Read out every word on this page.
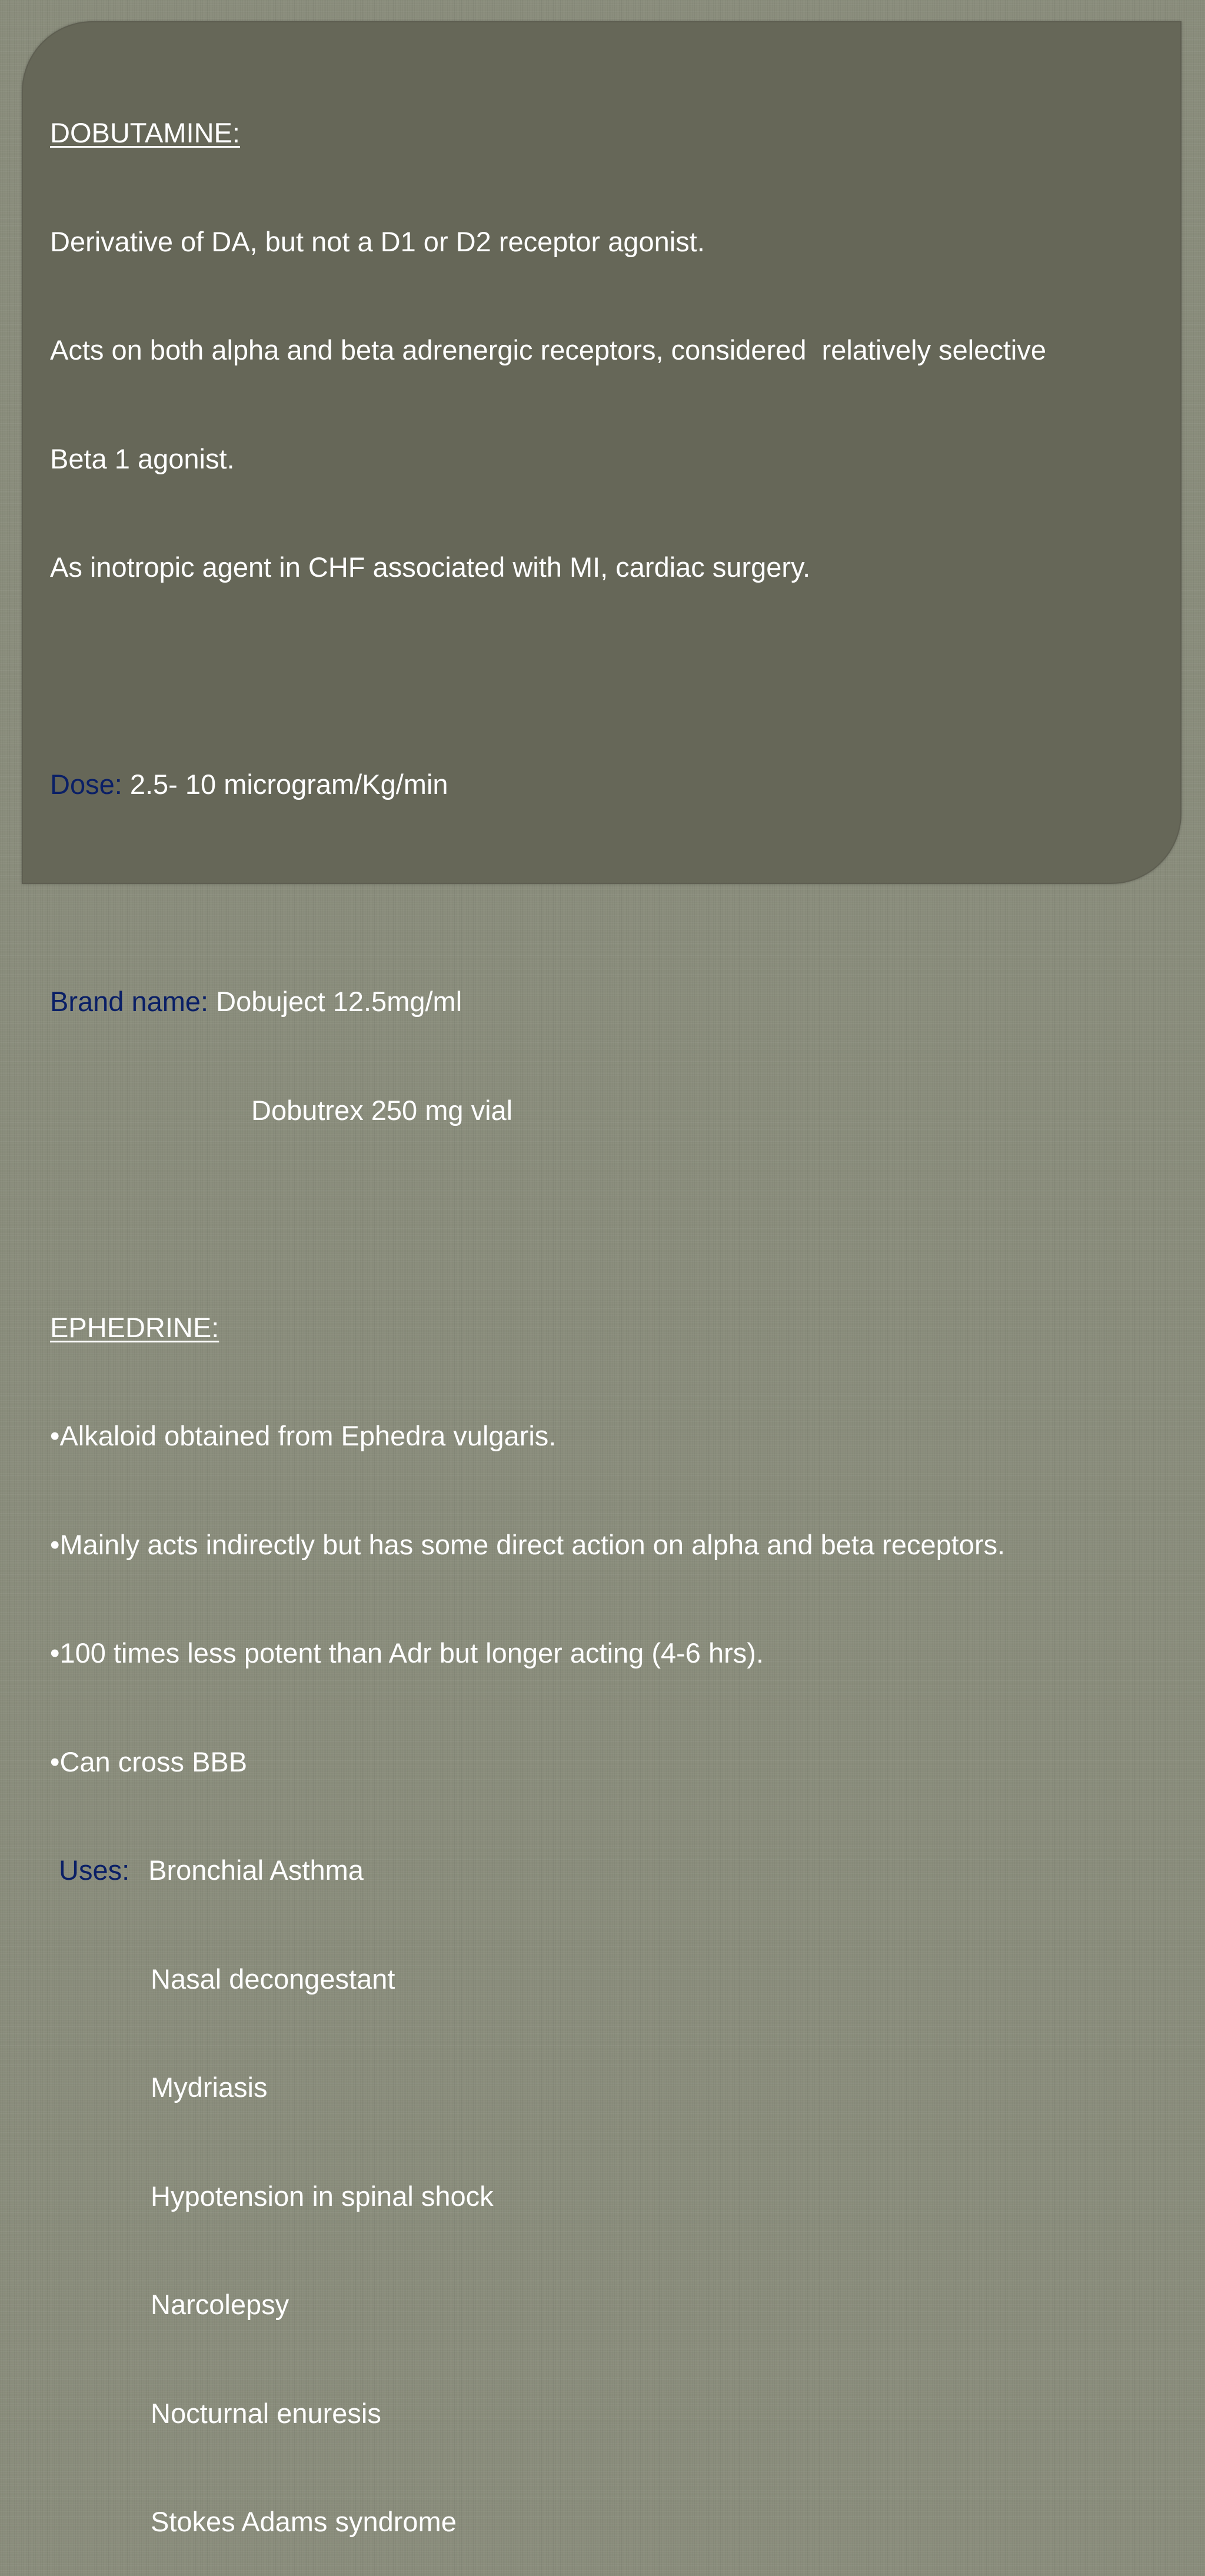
DOBUTAMINE:

Derivative of DA, but not a D1 or D2 receptor agonist.

Acts on both alpha and beta adrenergic receptors, considered  relatively selective

Beta 1 agonist.

As inotropic agent in CHF associated with MI, cardiac surgery.

Dose: 2.5- 10 microgram/Kg/min

Brand name: Dobuject 12.5mg/ml

Dobutrex 250 mg vial

EPHEDRINE:

•Alkaloid obtained from Ephedra vulgaris.

•Mainly acts indirectly but has some direct action on alpha and beta receptors.

•100 times less potent than Adr but longer acting (4-6 hrs).

•Can cross BBB

Uses: Bronchial Asthma

Nasal decongestant

Mydriasis

Hypotension in spinal shock

Narcolepsy

Nocturnal enuresis

Stokes Adams syndrome
